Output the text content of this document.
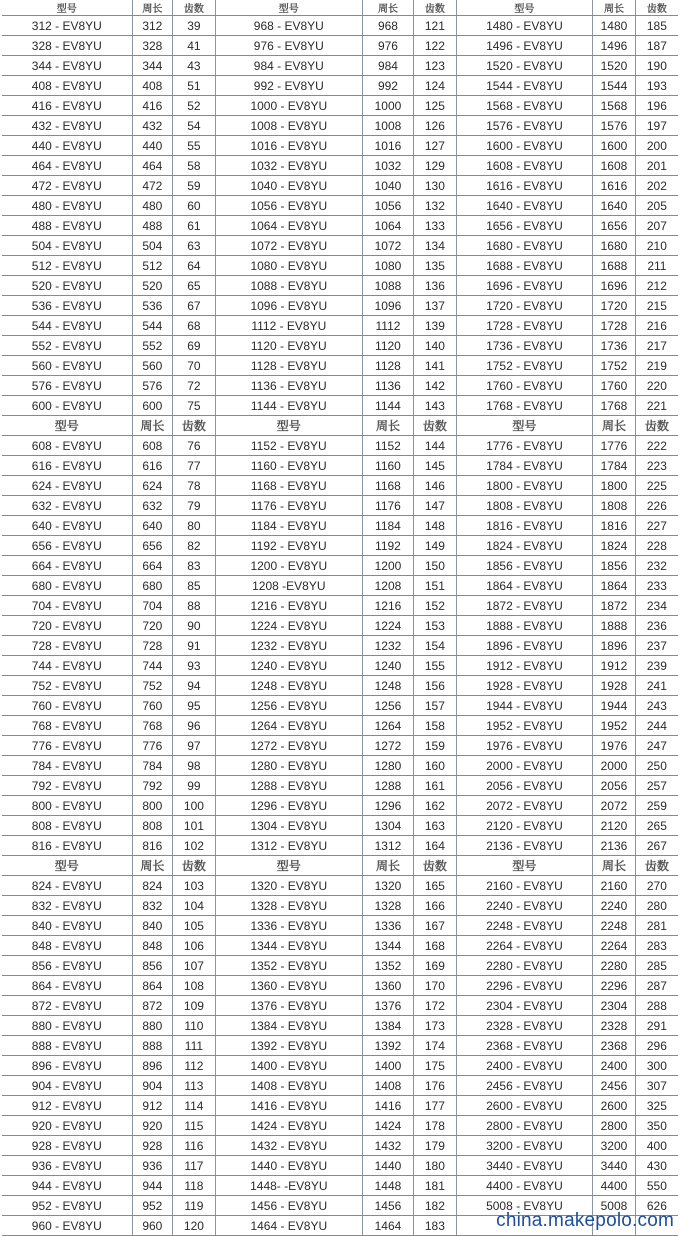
型号	周长	齿数	型号	周长	齿数	型号	周长	齿数
312 - EV8YU	312	39	968 - EV8YU	968	121	1480 - EV8YU	1480	185
328 - EV8YU	328	41	976 - EV8YU	976	122	1496 - EV8YU	1496	187
344 - EV8YU	344	43	984 - EV8YU	984	123	1520 - EV8YU	1520	190
408 - EV8YU	408	51	992 - EV8YU	992	124	1544 - EV8YU	1544	193
416 - EV8YU	416	52	1000 - EV8YU	1000	125	1568 - EV8YU	1568	196
432 - EV8YU	432	54	1008 - EV8YU	1008	126	1576 - EV8YU	1576	197
440 - EV8YU	440	55	1016 - EV8YU	1016	127	1600 - EV8YU	1600	200
464 - EV8YU	464	58	1032 - EV8YU	1032	129	1608 - EV8YU	1608	201
472 - EV8YU	472	59	1040 - EV8YU	1040	130	1616 - EV8YU	1616	202
480 - EV8YU	480	60	1056 - EV8YU	1056	132	1640 - EV8YU	1640	205
488 - EV8YU	488	61	1064 - EV8YU	1064	133	1656 - EV8YU	1656	207
504 - EV8YU	504	63	1072 - EV8YU	1072	134	1680 - EV8YU	1680	210
512 - EV8YU	512	64	1080 - EV8YU	1080	135	1688 - EV8YU	1688	211
520 - EV8YU	520	65	1088 - EV8YU	1088	136	1696 - EV8YU	1696	212
536 - EV8YU	536	67	1096 - EV8YU	1096	137	1720 - EV8YU	1720	215
544 - EV8YU	544	68	1112 - EV8YU	1112	139	1728 - EV8YU	1728	216
552 - EV8YU	552	69	1120 - EV8YU	1120	140	1736 - EV8YU	1736	217
560 - EV8YU	560	70	1128 - EV8YU	1128	141	1752 - EV8YU	1752	219
576 - EV8YU	576	72	1136 - EV8YU	1136	142	1760 - EV8YU	1760	220
600 - EV8YU	600	75	1144 - EV8YU	1144	143	1768 - EV8YU	1768	221
型号	周长	齿数	型号	周长	齿数	型号	周长	齿数
608 - EV8YU	608	76	1152 - EV8YU	1152	144	1776 - EV8YU	1776	222
616 - EV8YU	616	77	1160 - EV8YU	1160	145	1784 - EV8YU	1784	223
624 - EV8YU	624	78	1168 - EV8YU	1168	146	1800 - EV8YU	1800	225
632 - EV8YU	632	79	1176 - EV8YU	1176	147	1808 - EV8YU	1808	226
640 - EV8YU	640	80	1184 - EV8YU	1184	148	1816 - EV8YU	1816	227
656 - EV8YU	656	82	1192 - EV8YU	1192	149	1824 - EV8YU	1824	228
664 - EV8YU	664	83	1200 - EV8YU	1200	150	1856 - EV8YU	1856	232
680 - EV8YU	680	85	1208 -EV8YU	1208	151	1864 - EV8YU	1864	233
704 - EV8YU	704	88	1216 - EV8YU	1216	152	1872 - EV8YU	1872	234
720 - EV8YU	720	90	1224 - EV8YU	1224	153	1888 - EV8YU	1888	236
728 - EV8YU	728	91	1232 - EV8YU	1232	154	1896 - EV8YU	1896	237
744 - EV8YU	744	93	1240 - EV8YU	1240	155	1912 - EV8YU	1912	239
752 - EV8YU	752	94	1248 - EV8YU	1248	156	1928 - EV8YU	1928	241
760 - EV8YU	760	95	1256 - EV8YU	1256	157	1944 - EV8YU	1944	243
768 - EV8YU	768	96	1264 - EV8YU	1264	158	1952 - EV8YU	1952	244
776 - EV8YU	776	97	1272 - EV8YU	1272	159	1976 - EV8YU	1976	247
784 - EV8YU	784	98	1280 - EV8YU	1280	160	2000 - EV8YU	2000	250
792 - EV8YU	792	99	1288 - EV8YU	1288	161	2056 - EV8YU	2056	257
800 - EV8YU	800	100	1296 - EV8YU	1296	162	2072 - EV8YU	2072	259
808 - EV8YU	808	101	1304 - EV8YU	1304	163	2120 - EV8YU	2120	265
816 - EV8YU	816	102	1312 - EV8YU	1312	164	2136 - EV8YU	2136	267
型号	周长	齿数	型号	周长	齿数	型号	周长	齿数
824 - EV8YU	824	103	1320 - EV8YU	1320	165	2160 - EV8YU	2160	270
832 - EV8YU	832	104	1328 - EV8YU	1328	166	2240 - EV8YU	2240	280
840 - EV8YU	840	105	1336 - EV8YU	1336	167	2248 - EV8YU	2248	281
848 - EV8YU	848	106	1344 - EV8YU	1344	168	2264 - EV8YU	2264	283
856 - EV8YU	856	107	1352 - EV8YU	1352	169	2280 - EV8YU	2280	285
864 - EV8YU	864	108	1360 - EV8YU	1360	170	2296 - EV8YU	2296	287
872 - EV8YU	872	109	1376 - EV8YU	1376	172	2304 - EV8YU	2304	288
880 - EV8YU	880	110	1384 - EV8YU	1384	173	2328 - EV8YU	2328	291
888 - EV8YU	888	111	1392 - EV8YU	1392	174	2368 - EV8YU	2368	296
896 - EV8YU	896	112	1400 - EV8YU	1400	175	2400 - EV8YU	2400	300
904 - EV8YU	904	113	1408 - EV8YU	1408	176	2456 - EV8YU	2456	307
912 - EV8YU	912	114	1416 - EV8YU	1416	177	2600 - EV8YU	2600	325
920 - EV8YU	920	115	1424 - EV8YU	1424	178	2800 - EV8YU	2800	350
928 - EV8YU	928	116	1432 - EV8YU	1432	179	3200 - EV8YU	3200	400
936 - EV8YU	936	117	1440 - EV8YU	1440	180	3440 - EV8YU	3440	430
944 - EV8YU	944	118	1448- -EV8YU	1448	181	4400 - EV8YU	4400	550
952 - EV8YU	952	119	1456 - EV8YU	1456	182	5008 - EV8YU	5008	626
960 - EV8YU	960	120	1464 - EV8YU	1464	183				china.makepolo.com
